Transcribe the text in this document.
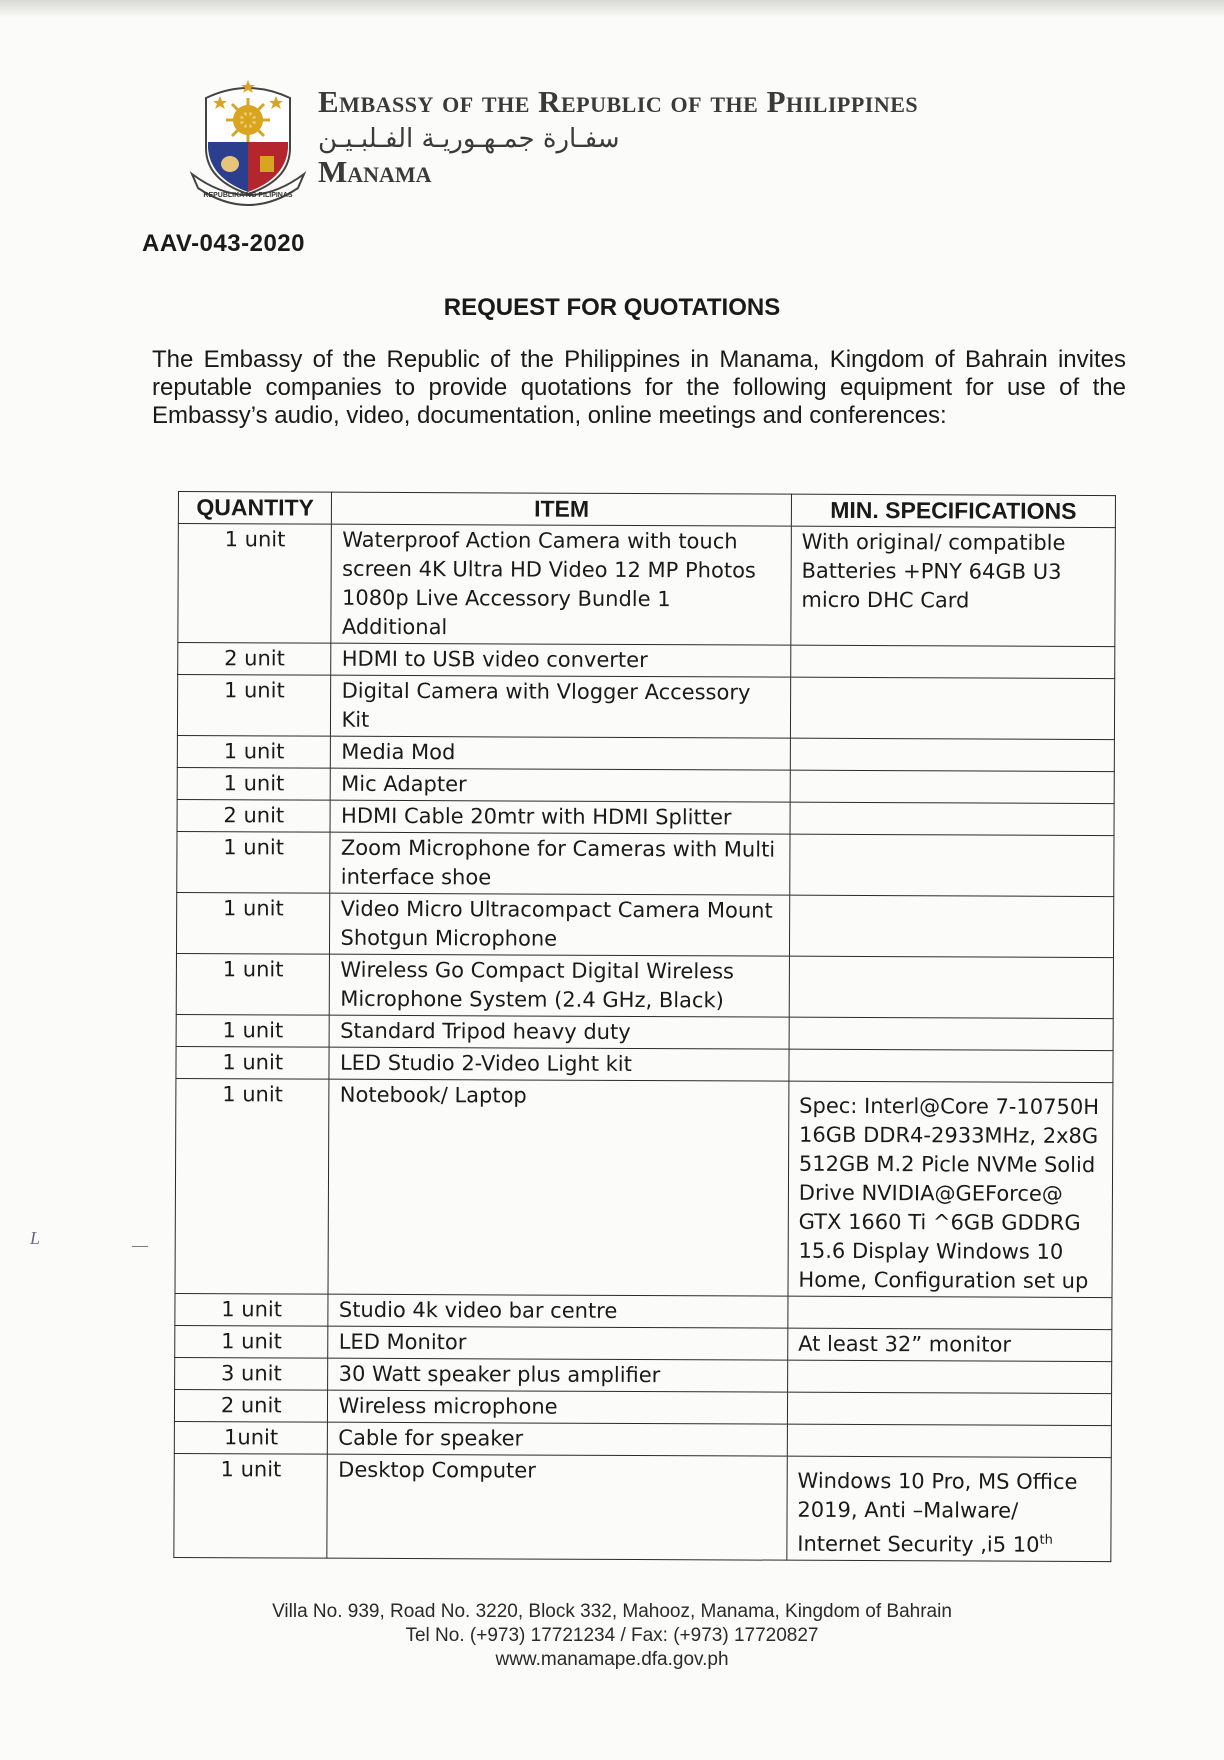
REPUBLIKA NG PILIPINAS
Embassy of the Republic of the Philippines
سفـارة جمـهـوريـة الفـلبـيـن
Manama
AAV-043-2020
REQUEST FOR QUOTATIONS
The Embassy of the Republic of the Philippines in Manama, Kingdom of Bahrain invites reputable companies to provide quotations for the following equipment for use of the Embassy’s audio, video, documentation, online meetings and conferences:
QUANTITY	ITEM	MIN. SPECIFICATIONS
1 unit	Waterproof Action Camera with touch screen 4K Ultra HD Video 12 MP Photos 1080p Live Accessory Bundle 1 Additional	With original/ compatible Batteries +PNY 64GB U3 micro DHC Card
2 unit	HDMI to USB video converter	
1 unit	Digital Camera with Vlogger Accessory Kit	
1 unit	Media Mod	
1 unit	Mic Adapter	
2 unit	HDMI Cable 20mtr with HDMI Splitter	
1 unit	Zoom Microphone for Cameras with Multi interface shoe	
1 unit	Video Micro Ultracompact Camera Mount Shotgun Microphone	
1 unit	Wireless Go Compact Digital Wireless Microphone System (2.4 GHz, Black)	
1 unit	Standard Tripod heavy duty	
1 unit	LED Studio 2-Video Light kit	
1 unit	Notebook/ Laptop	Spec: Interl@Core 7-10750H 16GB DDR4-2933MHz, 2x8G 512GB M.2 Picle NVMe Solid Drive NVIDIA@GEForce@ GTX 1660 Ti ^6GB GDDRG 15.6 Display Windows 10 Home, Configuration set up
1 unit	Studio 4k video bar centre	
1 unit	LED Monitor	At least 32” monitor
3 unit	30 Watt speaker plus amplifier	
2 unit	Wireless microphone	
1unit	Cable for speaker	
1 unit	Desktop Computer	Windows 10 Pro, MS Office 2019, Anti –Malware/ Internet Security ,i5 10th
L
Villa No. 939, Road No. 3220, Block 332, Mahooz, Manama, Kingdom of Bahrain
Tel No. (+973) 17721234 / Fax: (+973) 17720827
www.manamape.dfa.gov.ph
